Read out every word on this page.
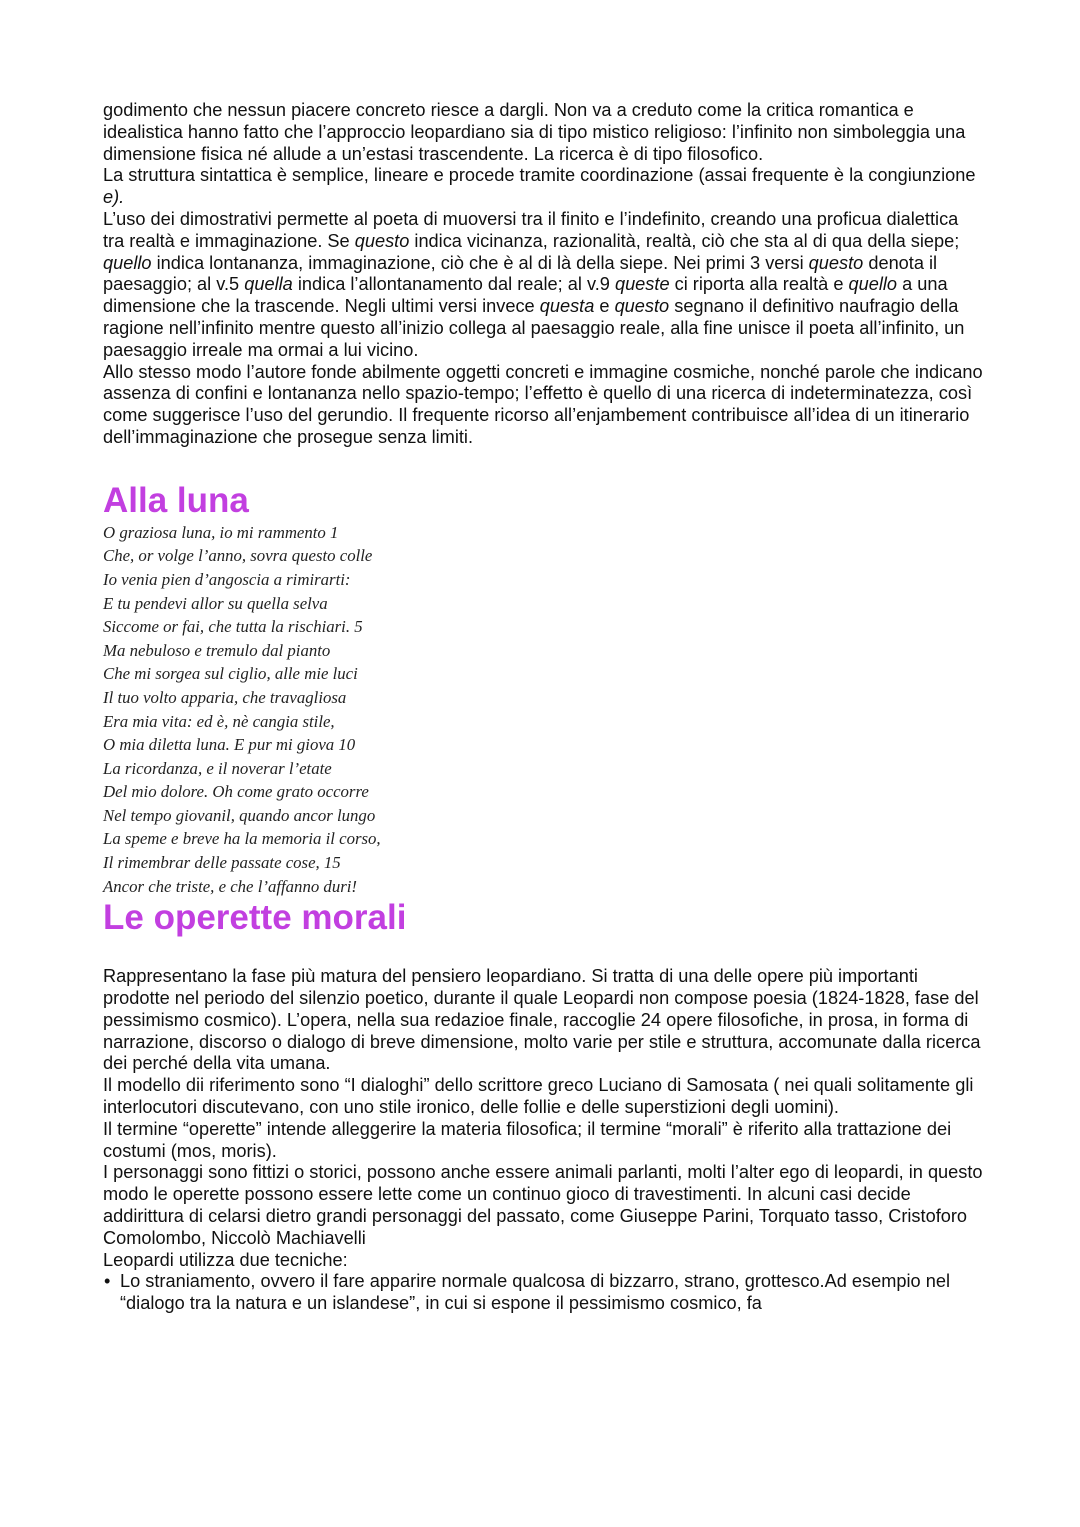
godimento che nessun piacere concreto riesce a dargli. Non va a creduto come la critica romantica e idealistica hanno fatto che l’approccio leopardiano sia di tipo mistico religioso: l’infinito non simboleggia una dimensione fisica né allude a un’estasi trascendente. La ricerca è di tipo filosofico.

La struttura sintattica è semplice, lineare e procede tramite coordinazione (assai frequente è la congiunzione e).

L’uso dei dimostrativi permette al poeta di muoversi tra il finito e l’indefinito, creando una proficua dialettica tra realtà e immaginazione. Se questo indica vicinanza, razionalità, realtà, ciò che sta al di qua della siepe; quello indica lontananza, immaginazione, ciò che è al di là della siepe. Nei primi 3 versi questo denota il paesaggio; al v.5 quella indica l’allontanamento dal reale; al v.9 queste ci riporta alla realtà e quello a una dimensione che la trascende. Negli ultimi versi invece questa e questo segnano il definitivo naufragio della ragione nell’infinito mentre questo all’inizio collega al paesaggio reale, alla fine unisce il poeta all’infinito, un paesaggio irreale ma ormai a lui vicino.

Allo stesso modo l’autore fonde abilmente oggetti concreti e immagine cosmiche, nonché parole che indicano assenza di confini e lontananza nello spazio-tempo; l’effetto è quello di una ricerca di indeterminatezza, così come suggerisce l’uso del gerundio. Il frequente ricorso all’enjambement contribuisce all’idea di un itinerario dell’immaginazione che prosegue senza limiti.

Alla luna
O graziosa luna, io mi rammento 1
Che, or volge l’anno, sovra questo colle
Io venia pien d’angoscia a rimirarti:
E tu pendevi allor su quella selva
Siccome or fai, che tutta la rischiari. 5
Ma nebuloso e tremulo dal pianto
Che mi sorgea sul ciglio, alle mie luci
Il tuo volto apparia, che travagliosa
Era mia vita: ed è, nè cangia stile,
O mia diletta luna. E pur mi giova 10
La ricordanza, e il noverar l’etate
Del mio dolore. Oh come grato occorre
Nel tempo giovanil, quando ancor lungo
La speme e breve ha la memoria il corso,
Il rimembrar delle passate cose, 15
Ancor che triste, e che l’affanno duri!
Le operette morali

Rappresentano la fase più matura del pensiero leopardiano. Si tratta di una delle opere più importanti prodotte nel periodo del silenzio poetico, durante il quale Leopardi non compose poesia (1824-1828, fase del pessimismo cosmico). L’opera, nella sua redazioe finale, raccoglie 24 opere filosofiche, in prosa, in forma di narrazione, discorso o dialogo di breve dimensione, molto varie per stile e struttura, accomunate dalla ricerca dei perché della vita umana.

Il modello dii riferimento sono “I dialoghi” dello scrittore greco Luciano di Samosata ( nei quali solitamente gli interlocutori discutevano, con uno stile ironico, delle follie e delle superstizioni degli uomini).

Il termine “operette” intende alleggerire la materia filosofica; il termine “morali” è riferito alla trattazione dei costumi (mos, moris).

I personaggi sono fittizi o storici, possono anche essere animali parlanti, molti l’alter ego di leopardi, in questo modo le operette possono essere lette come un continuo gioco di travestimenti. In alcuni casi decide addirittura di celarsi dietro grandi personaggi del passato, come Giuseppe Parini, Torquato tasso, Cristoforo Comolombo, Niccolò Machiavelli

Leopardi utilizza due tecniche:

• Lo straniamento, ovvero il fare apparire normale qualcosa di bizzarro, strano, grottesco.Ad esempio nel “dialogo tra la natura e un islandese”, in cui si espone il pessimismo cosmico, fa
